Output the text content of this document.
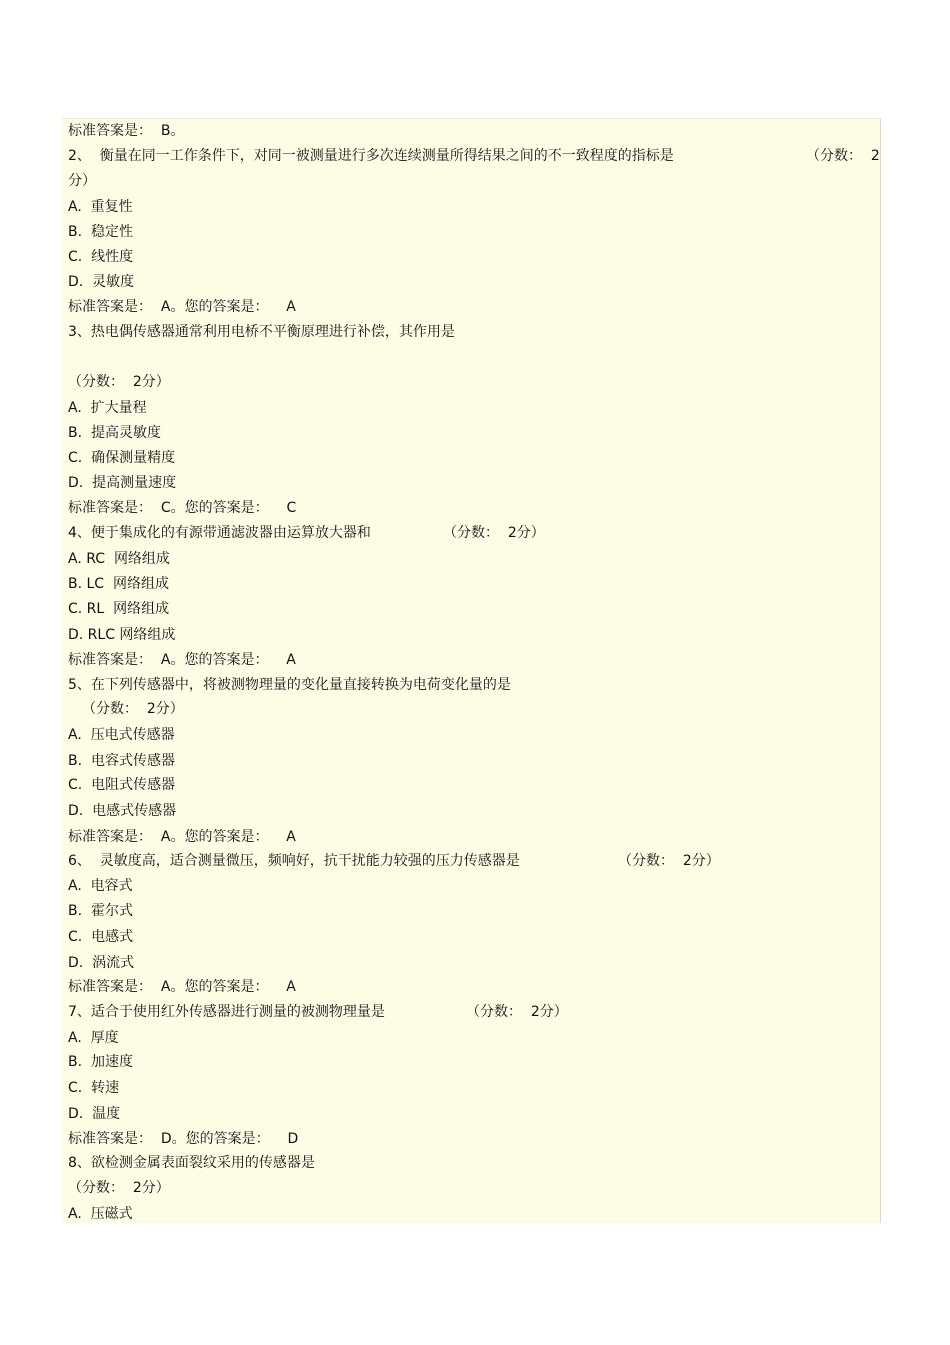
标准答案是：  B。
2、  衡量在同一工作条件下，对同一被测量进行多次连续测量所得结果之间的不一致程度的指标是	（分数：  2
分）
A.  重复性
B.  稳定性
C.  线性度
D.  灵敏度
标准答案是：  A。您的答案是：    A
3、热电偶传感器通常利用电桥不平衡原理进行补偿，其作用是
（分数：  2分）
A.  扩大量程
B.  提高灵敏度
C.  确保测量精度
D.  提高测量速度
标准答案是：  C。您的答案是：    C
4、便于集成化的有源带通滤波器由运算放大器和	（分数：  2分）
A. RC  网络组成
B. LC  网络组成
C. RL  网络组成
D. RLC 网络组成
标准答案是：  A。您的答案是：    A
5、在下列传感器中，将被测物理量的变化量直接转换为电荷变化量的是
（分数：  2分）
A.  压电式传感器
B.  电容式传感器
C.  电阻式传感器
D.  电感式传感器
标准答案是：  A。您的答案是：    A
6、  灵敏度高，适合测量微压，频响好，抗干扰能力较强的压力传感器是	（分数：  2分）
A.  电容式
B.  霍尔式
C.  电感式
D.  涡流式
标准答案是：  A。您的答案是：    A
7、适合于使用红外传感器进行测量的被测物理量是	（分数：  2分）
A.  厚度
B.  加速度
C.  转速
D.  温度
标准答案是：  D。您的答案是：    D
8、欲检测金属表面裂纹采用的传感器是
（分数：  2分）
A.  压磁式
